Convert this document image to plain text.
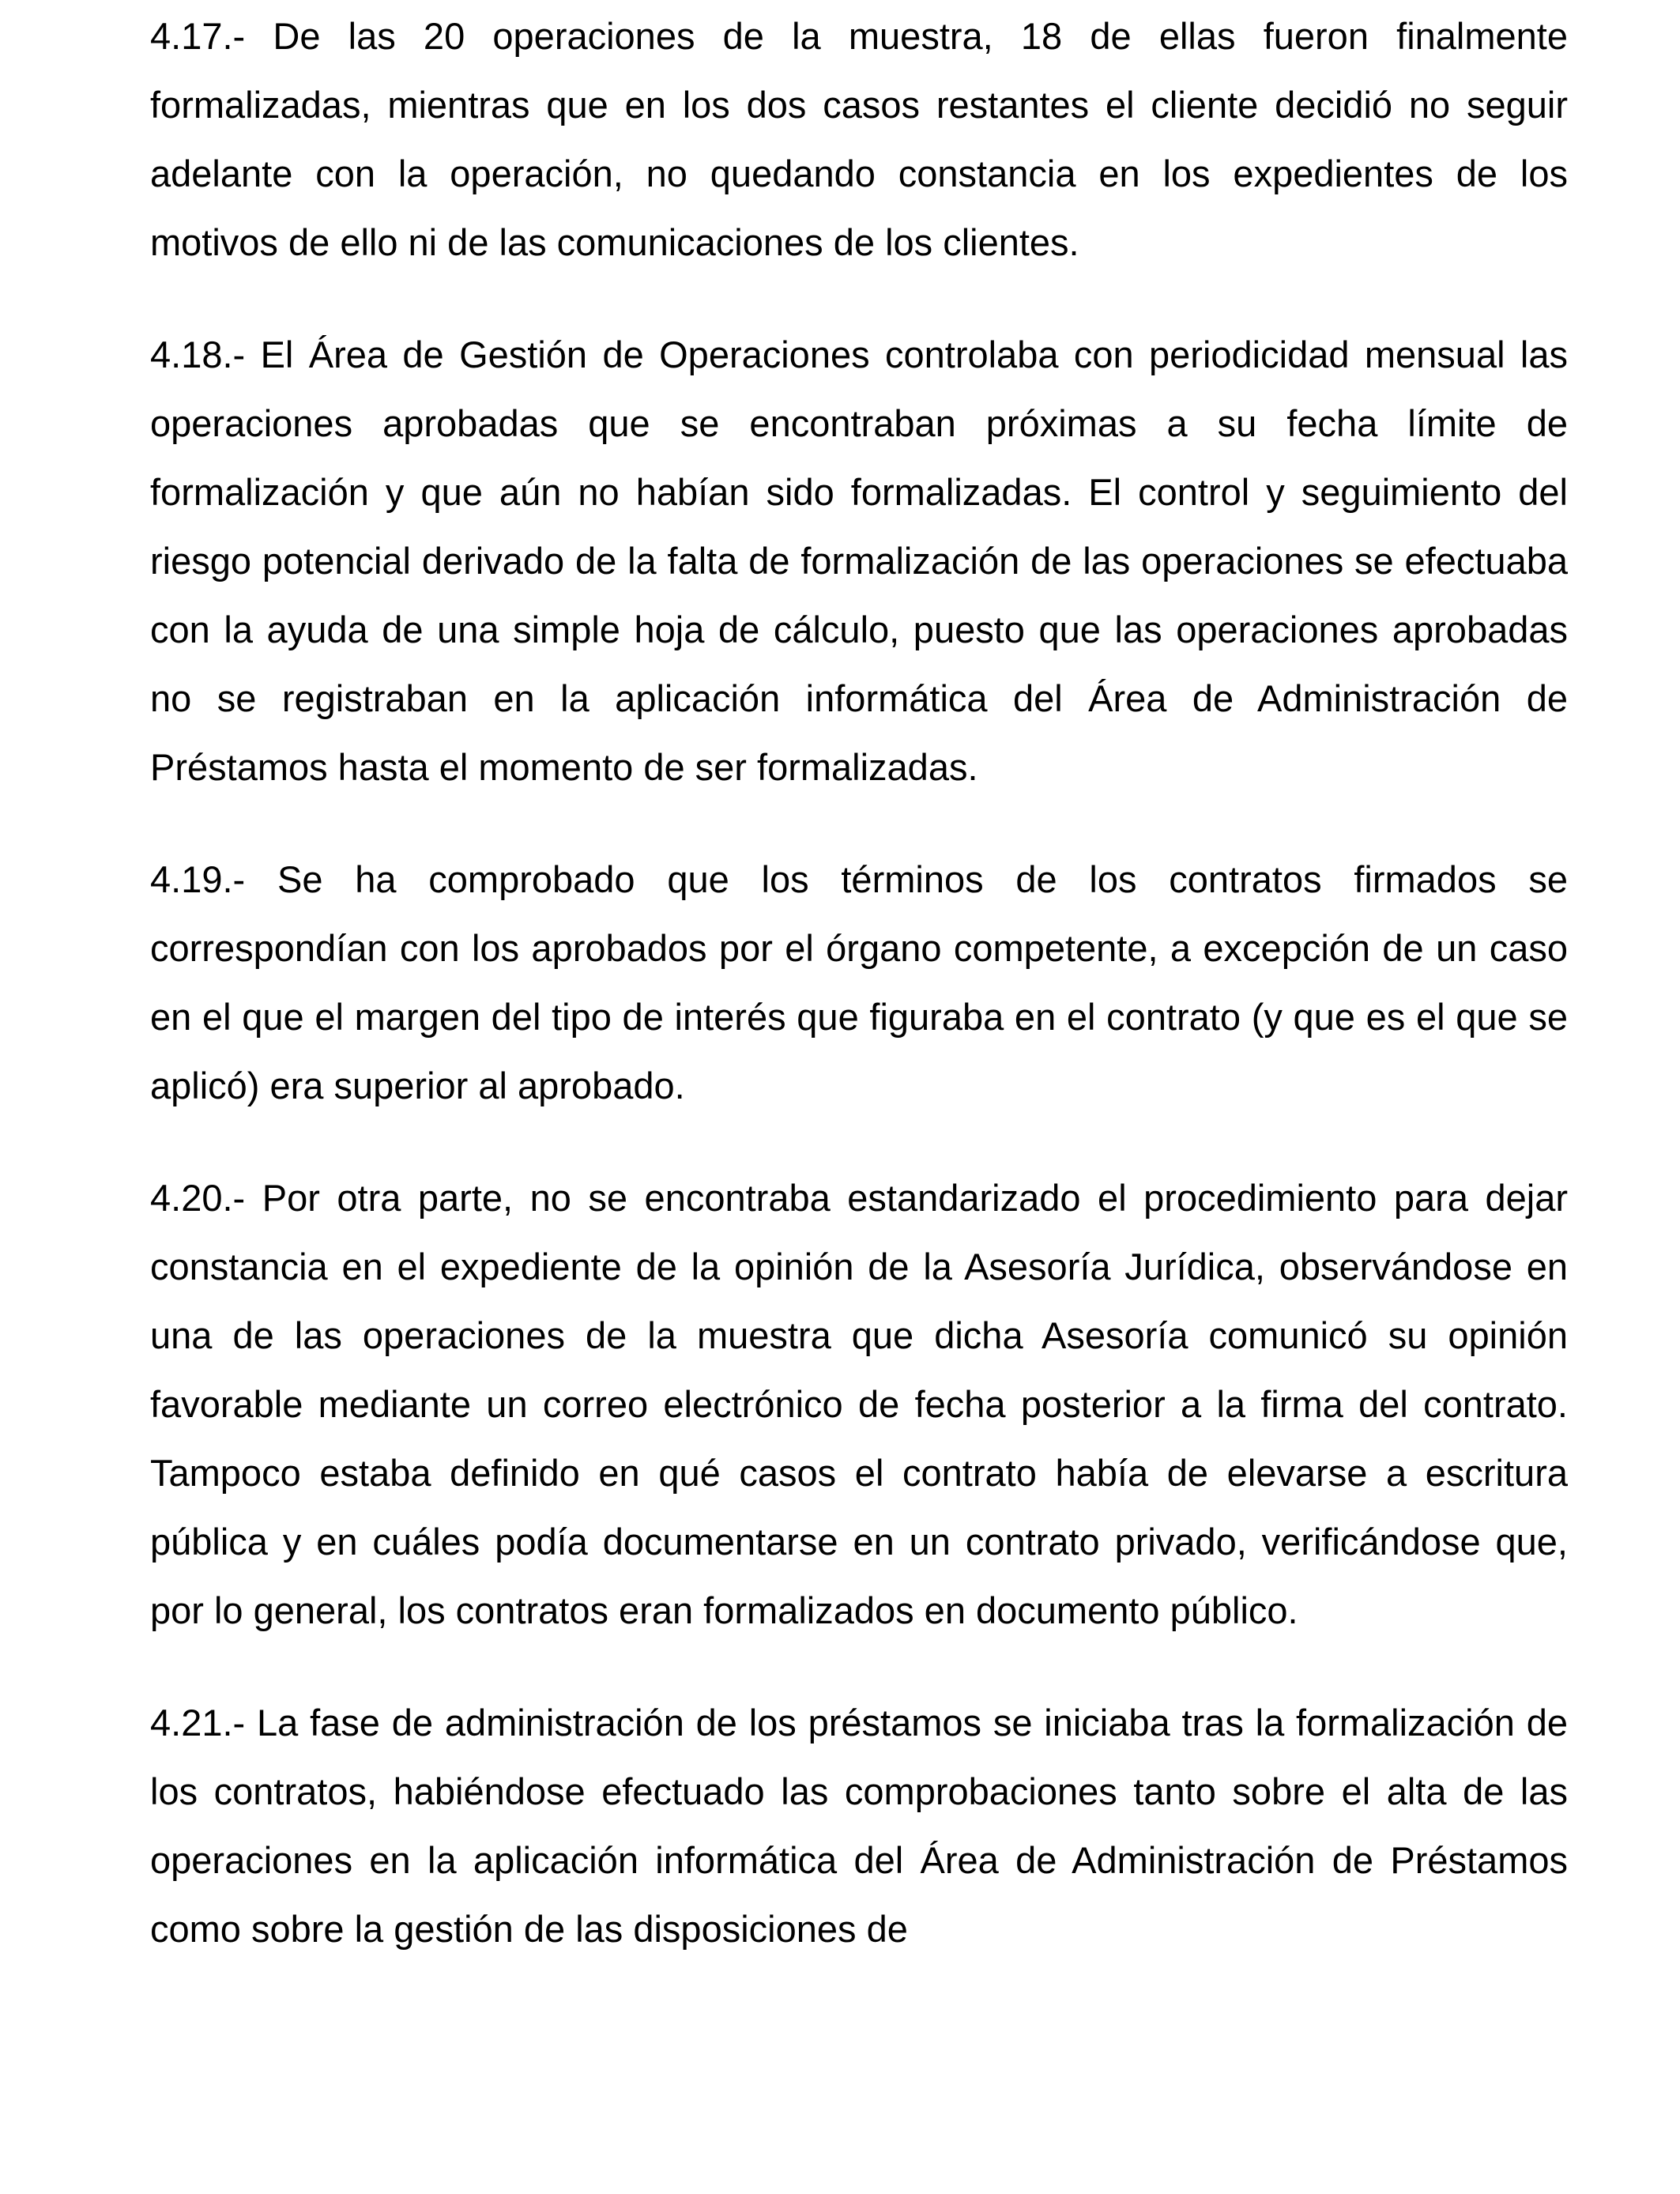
4.17.- De las 20 operaciones de la muestra, 18 de ellas fueron finalmente formalizadas, mientras que en los dos casos restantes el cliente decidió no seguir adelante con la operación, no quedando constancia en los expedientes de los motivos de ello ni de las comunicaciones de los clientes.

4.18.- El Área de Gestión de Operaciones controlaba con periodicidad mensual las operaciones aprobadas que se encontraban próximas a su fecha límite de formalización y que aún no habían sido formalizadas. El control y seguimiento del riesgo potencial derivado de la falta de formalización de las operaciones se efectuaba con la ayuda de una simple hoja de cálculo, puesto que las operaciones aprobadas no se registraban en la aplicación informática del Área de Administración de Préstamos hasta el momento de ser formalizadas.

4.19.- Se ha comprobado que los términos de los contratos firmados se correspondían con los aprobados por el órgano competente, a excepción de un caso en el que el margen del tipo de interés que figuraba en el contrato (y que es el que se aplicó) era superior al aprobado.

4.20.- Por otra parte, no se encontraba estandarizado el procedimiento para dejar constancia en el expediente de la opinión de la Asesoría Jurídica, observándose en una de las operaciones de la muestra que dicha Asesoría comunicó su opinión favorable mediante un correo electrónico de fecha posterior a la firma del contrato. Tampoco estaba definido en qué casos el contrato había de elevarse a escritura pública y en cuáles podía documentarse en un contrato privado, verificándose que, por lo general, los contratos eran formalizados en documento público.

4.21.- La fase de administración de los préstamos se iniciaba tras la formalización de los contratos, habiéndose efectuado las comprobaciones tanto sobre el alta de las operaciones en la aplicación informática del Área de Administración de Préstamos como sobre la gestión de las disposiciones de
